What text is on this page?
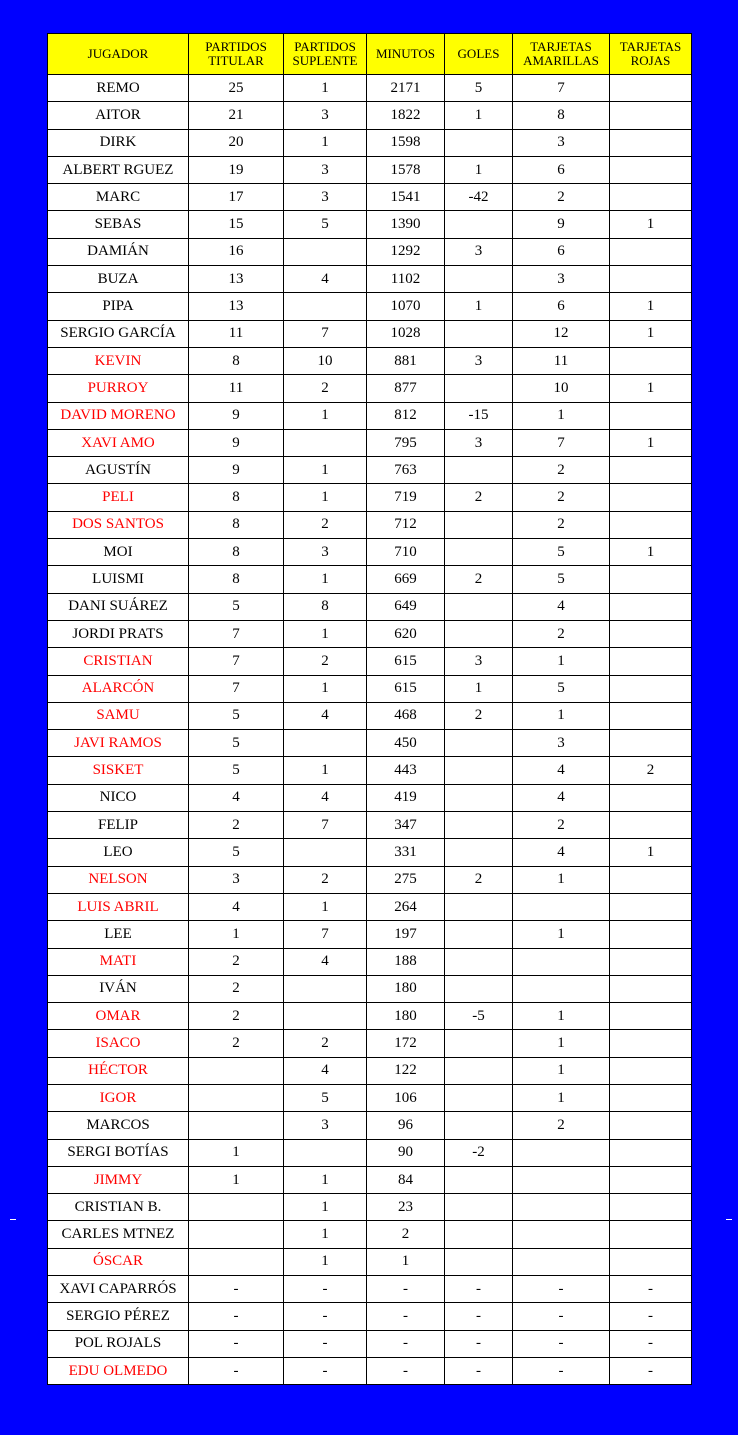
JUGADOR	PARTIDOS TITULAR	PARTIDOS SUPLENTE	MINUTOS	GOLES	TARJETAS AMARILLAS	TARJETAS ROJAS
REMO	25	1	2171	5	7	
AITOR	21	3	1822	1	8	
DIRK	20	1	1598		3	
ALBERT RGUEZ	19	3	1578	1	6	
MARC	17	3	1541	-42	2	
SEBAS	15	5	1390		9	1
DAMIÁN	16		1292	3	6	
BUZA	13	4	1102		3	
PIPA	13		1070	1	6	1
SERGIO GARCÍA	11	7	1028		12	1
KEVIN	8	10	881	3	11	
PURROY	11	2	877		10	1
DAVID MORENO	9	1	812	-15	1	
XAVI AMO	9		795	3	7	1
AGUSTÍN	9	1	763		2	
PELI	8	1	719	2	2	
DOS SANTOS	8	2	712		2	
MOI	8	3	710		5	1
LUISMI	8	1	669	2	5	
DANI SUÁREZ	5	8	649		4	
JORDI PRATS	7	1	620		2	
CRISTIAN	7	2	615	3	1	
ALARCÓN	7	1	615	1	5	
SAMU	5	4	468	2	1	
JAVI RAMOS	5		450		3	
SISKET	5	1	443		4	2
NICO	4	4	419		4	
FELIP	2	7	347		2	
LEO	5		331		4	1
NELSON	3	2	275	2	1	
LUIS ABRIL	4	1	264			
LEE	1	7	197		1	
MATI	2	4	188			
IVÁN	2		180			
OMAR	2		180	-5	1	
ISACO	2	2	172		1	
HÉCTOR		4	122		1	
IGOR		5	106		1	
MARCOS		3	96		2	
SERGI BOTÍAS	1		90	-2		
JIMMY	1	1	84			
CRISTIAN B.		1	23			
CARLES MTNEZ		1	2			
ÓSCAR		1	1			
XAVI CAPARRÓS	-	-	-	-	-	-
SERGIO PÉREZ	-	-	-	-	-	-
POL ROJALS	-	-	-	-	-	-
EDU OLMEDO	-	-	-	-	-	-
